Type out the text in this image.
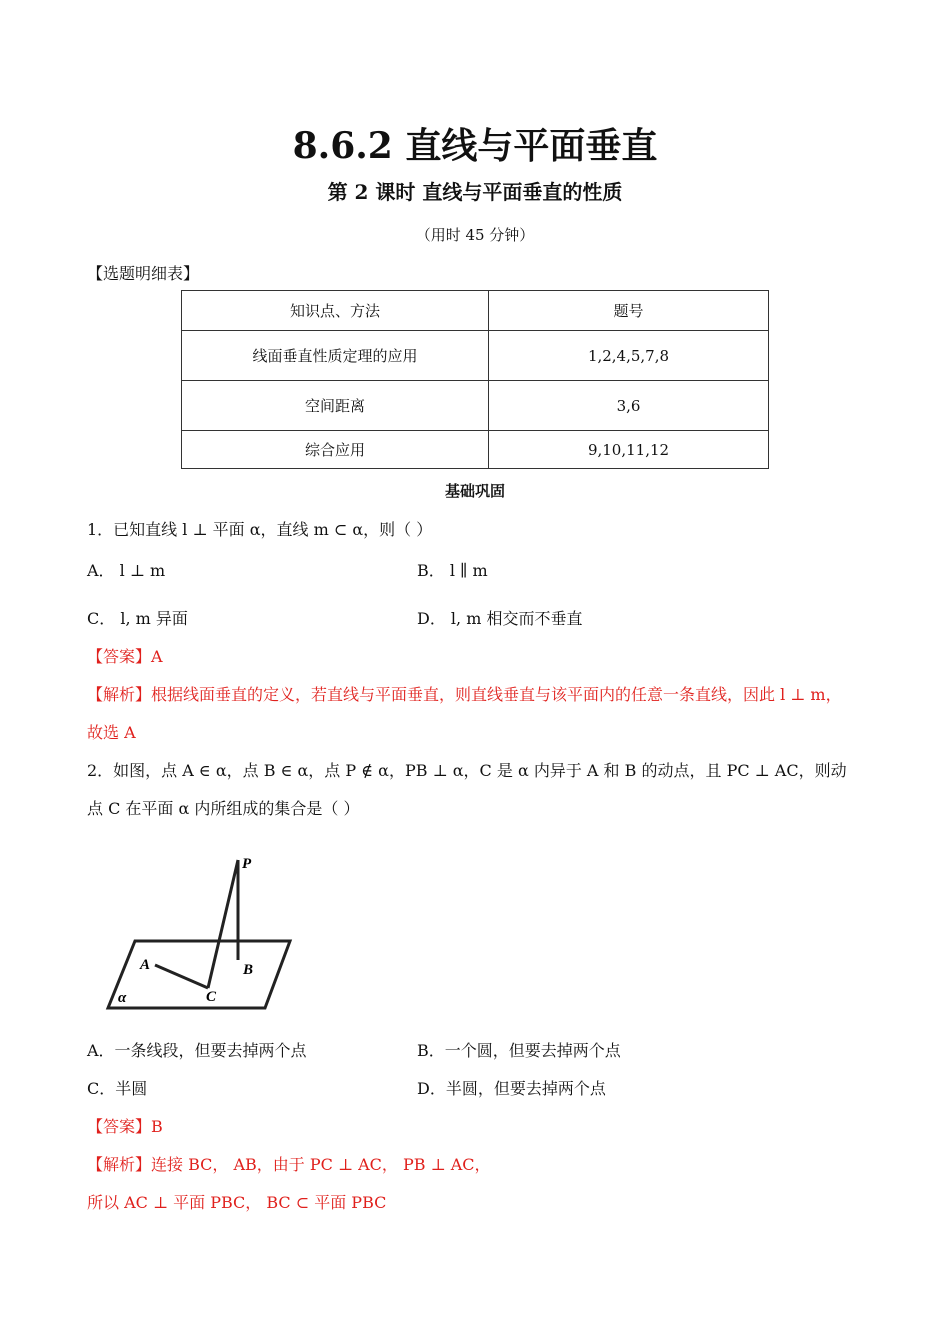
8.6.2 直线与平面垂直
第 2 课时 直线与平面垂直的性质
（用时 45 分钟）
【选题明细表】
知识点、方法	题号
线面垂直性质定理的应用	1,2,4,5,7,8
空间距离	3,6
综合应用	9,10,11,12
基础巩固
1．已知直线 l ⊥ 平面 α，直线 m ⊂ α，则（ ）
A． l ⊥ m	B． l ∥ m
C． l, m 异面	D． l, m 相交而不垂直
【答案】A
【解析】根据线面垂直的定义，若直线与平面垂直，则直线垂直与该平面内的任意一条直线，因此 l ⊥ m，
故选 A
2．如图，点 A ∈ α，点 B ∈ α，点 P ∉ α，PB ⊥ α，C 是 α 内异于 A 和 B 的动点，且 PC ⊥ AC，则动
点 C 在平面 α 内所组成的集合是（ ）
P
A	B
C
α
A．一条线段，但要去掉两个点	B．一个圆，但要去掉两个点
C．半圆	D．半圆，但要去掉两个点
【答案】B
【解析】连接 BC， AB，由于 PC ⊥ AC， PB ⊥ AC，
所以 AC ⊥ 平面 PBC， BC ⊂ 平面 PBC
